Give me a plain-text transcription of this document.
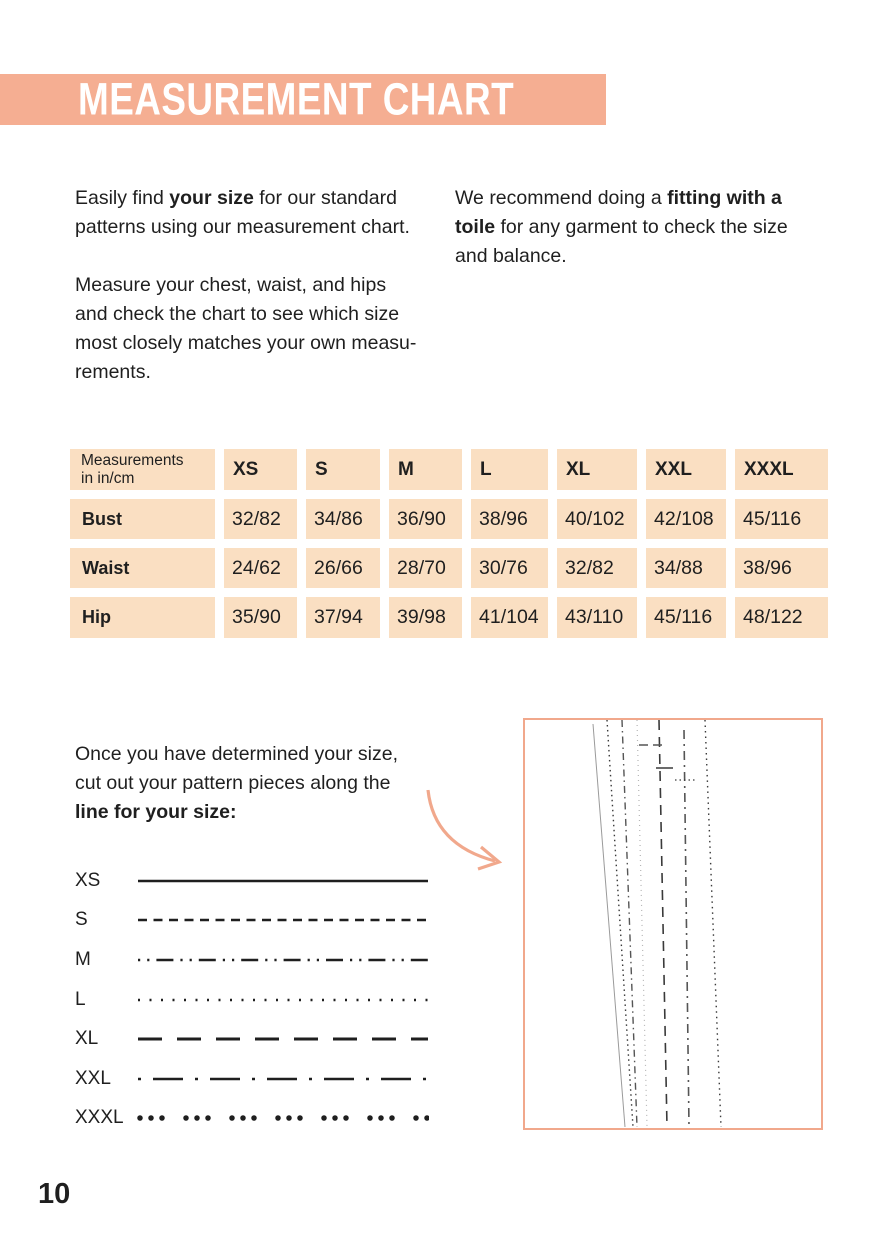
MEASUREMENT CHART

Easily find your size for our standard
patterns using our measurement chart.

Measure your chest, waist, and hips
and check the chart to see which size
most closely matches your own measu-
rements.

We recommend doing a fitting with a
toile for any garment to check the size
and balance.

Measurements
in in/cm	XS	S	M	L	XL	XXL	XXXL
Bust	32/82	34/86	36/90	38/96	40/102	42/108	45/116
Waist	24/62	26/66	28/70	30/76	32/82	34/88	38/96
Hip	35/90	37/94	39/98	41/104	43/110	45/116	48/122
Once you have determined your size,
cut out your pattern pieces along the
line for your size:
XS
S
M
L
XL
XXL
XXXL
10
